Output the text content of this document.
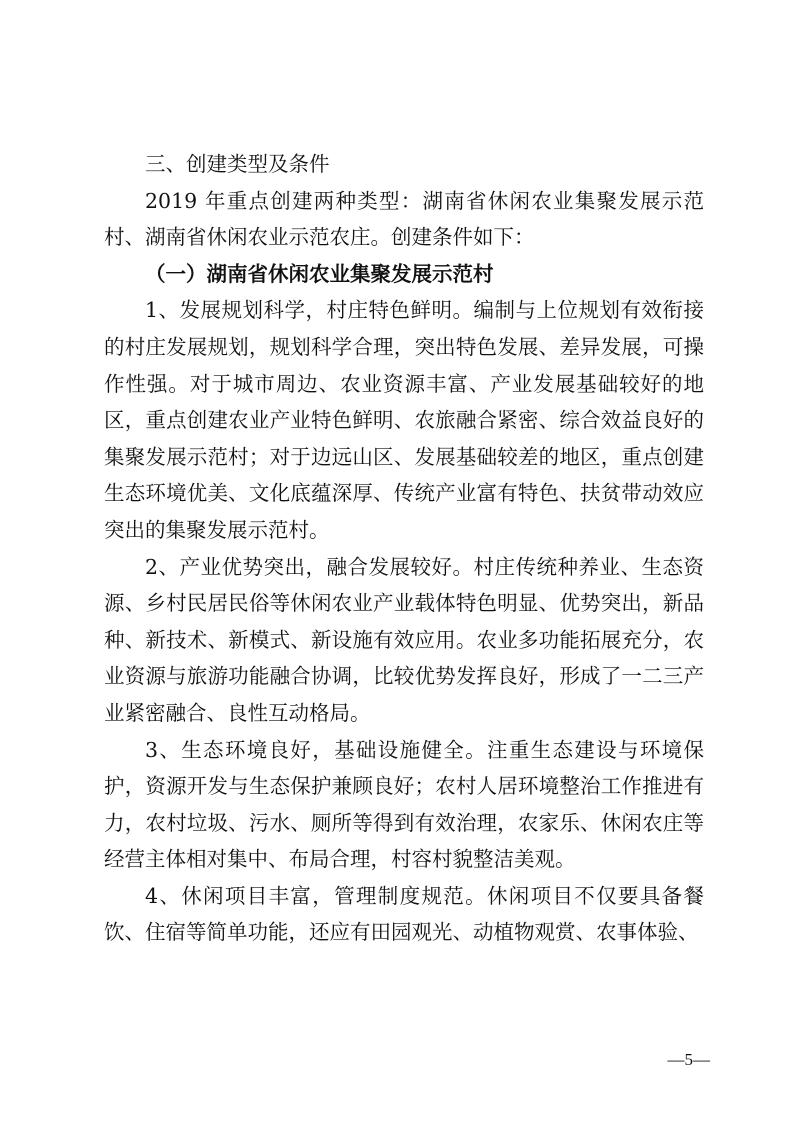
三、创建类型及条件

2019 年重点创建两种类型：湖南省休闲农业集聚发展示范村、湖南省休闲农业示范农庄。创建条件如下：

（一）湖南省休闲农业集聚发展示范村

1、发展规划科学，村庄特色鲜明。编制与上位规划有效衔接的村庄发展规划，规划科学合理，突出特色发展、差异发展，可操作性强。对于城市周边、农业资源丰富、产业发展基础较好的地区，重点创建农业产业特色鲜明、农旅融合紧密、综合效益良好的集聚发展示范村；对于边远山区、发展基础较差的地区，重点创建生态环境优美、文化底蕴深厚、传统产业富有特色、扶贫带动效应突出的集聚发展示范村。

2、产业优势突出，融合发展较好。村庄传统种养业、生态资源、乡村民居民俗等休闲农业产业载体特色明显、优势突出，新品种、新技术、新模式、新设施有效应用。农业多功能拓展充分，农业资源与旅游功能融合协调，比较优势发挥良好，形成了一二三产业紧密融合、良性互动格局。

3、生态环境良好，基础设施健全。注重生态建设与环境保护，资源开发与生态保护兼顾良好；农村人居环境整治工作推进有力，农村垃圾、污水、厕所等得到有效治理，农家乐、休闲农庄等经营主体相对集中、布局合理，村容村貌整洁美观。

4、休闲项目丰富，管理制度规范。休闲项目不仅要具备餐饮、住宿等简单功能，还应有田园观光、动植物观赏、农事体验、

—5—
